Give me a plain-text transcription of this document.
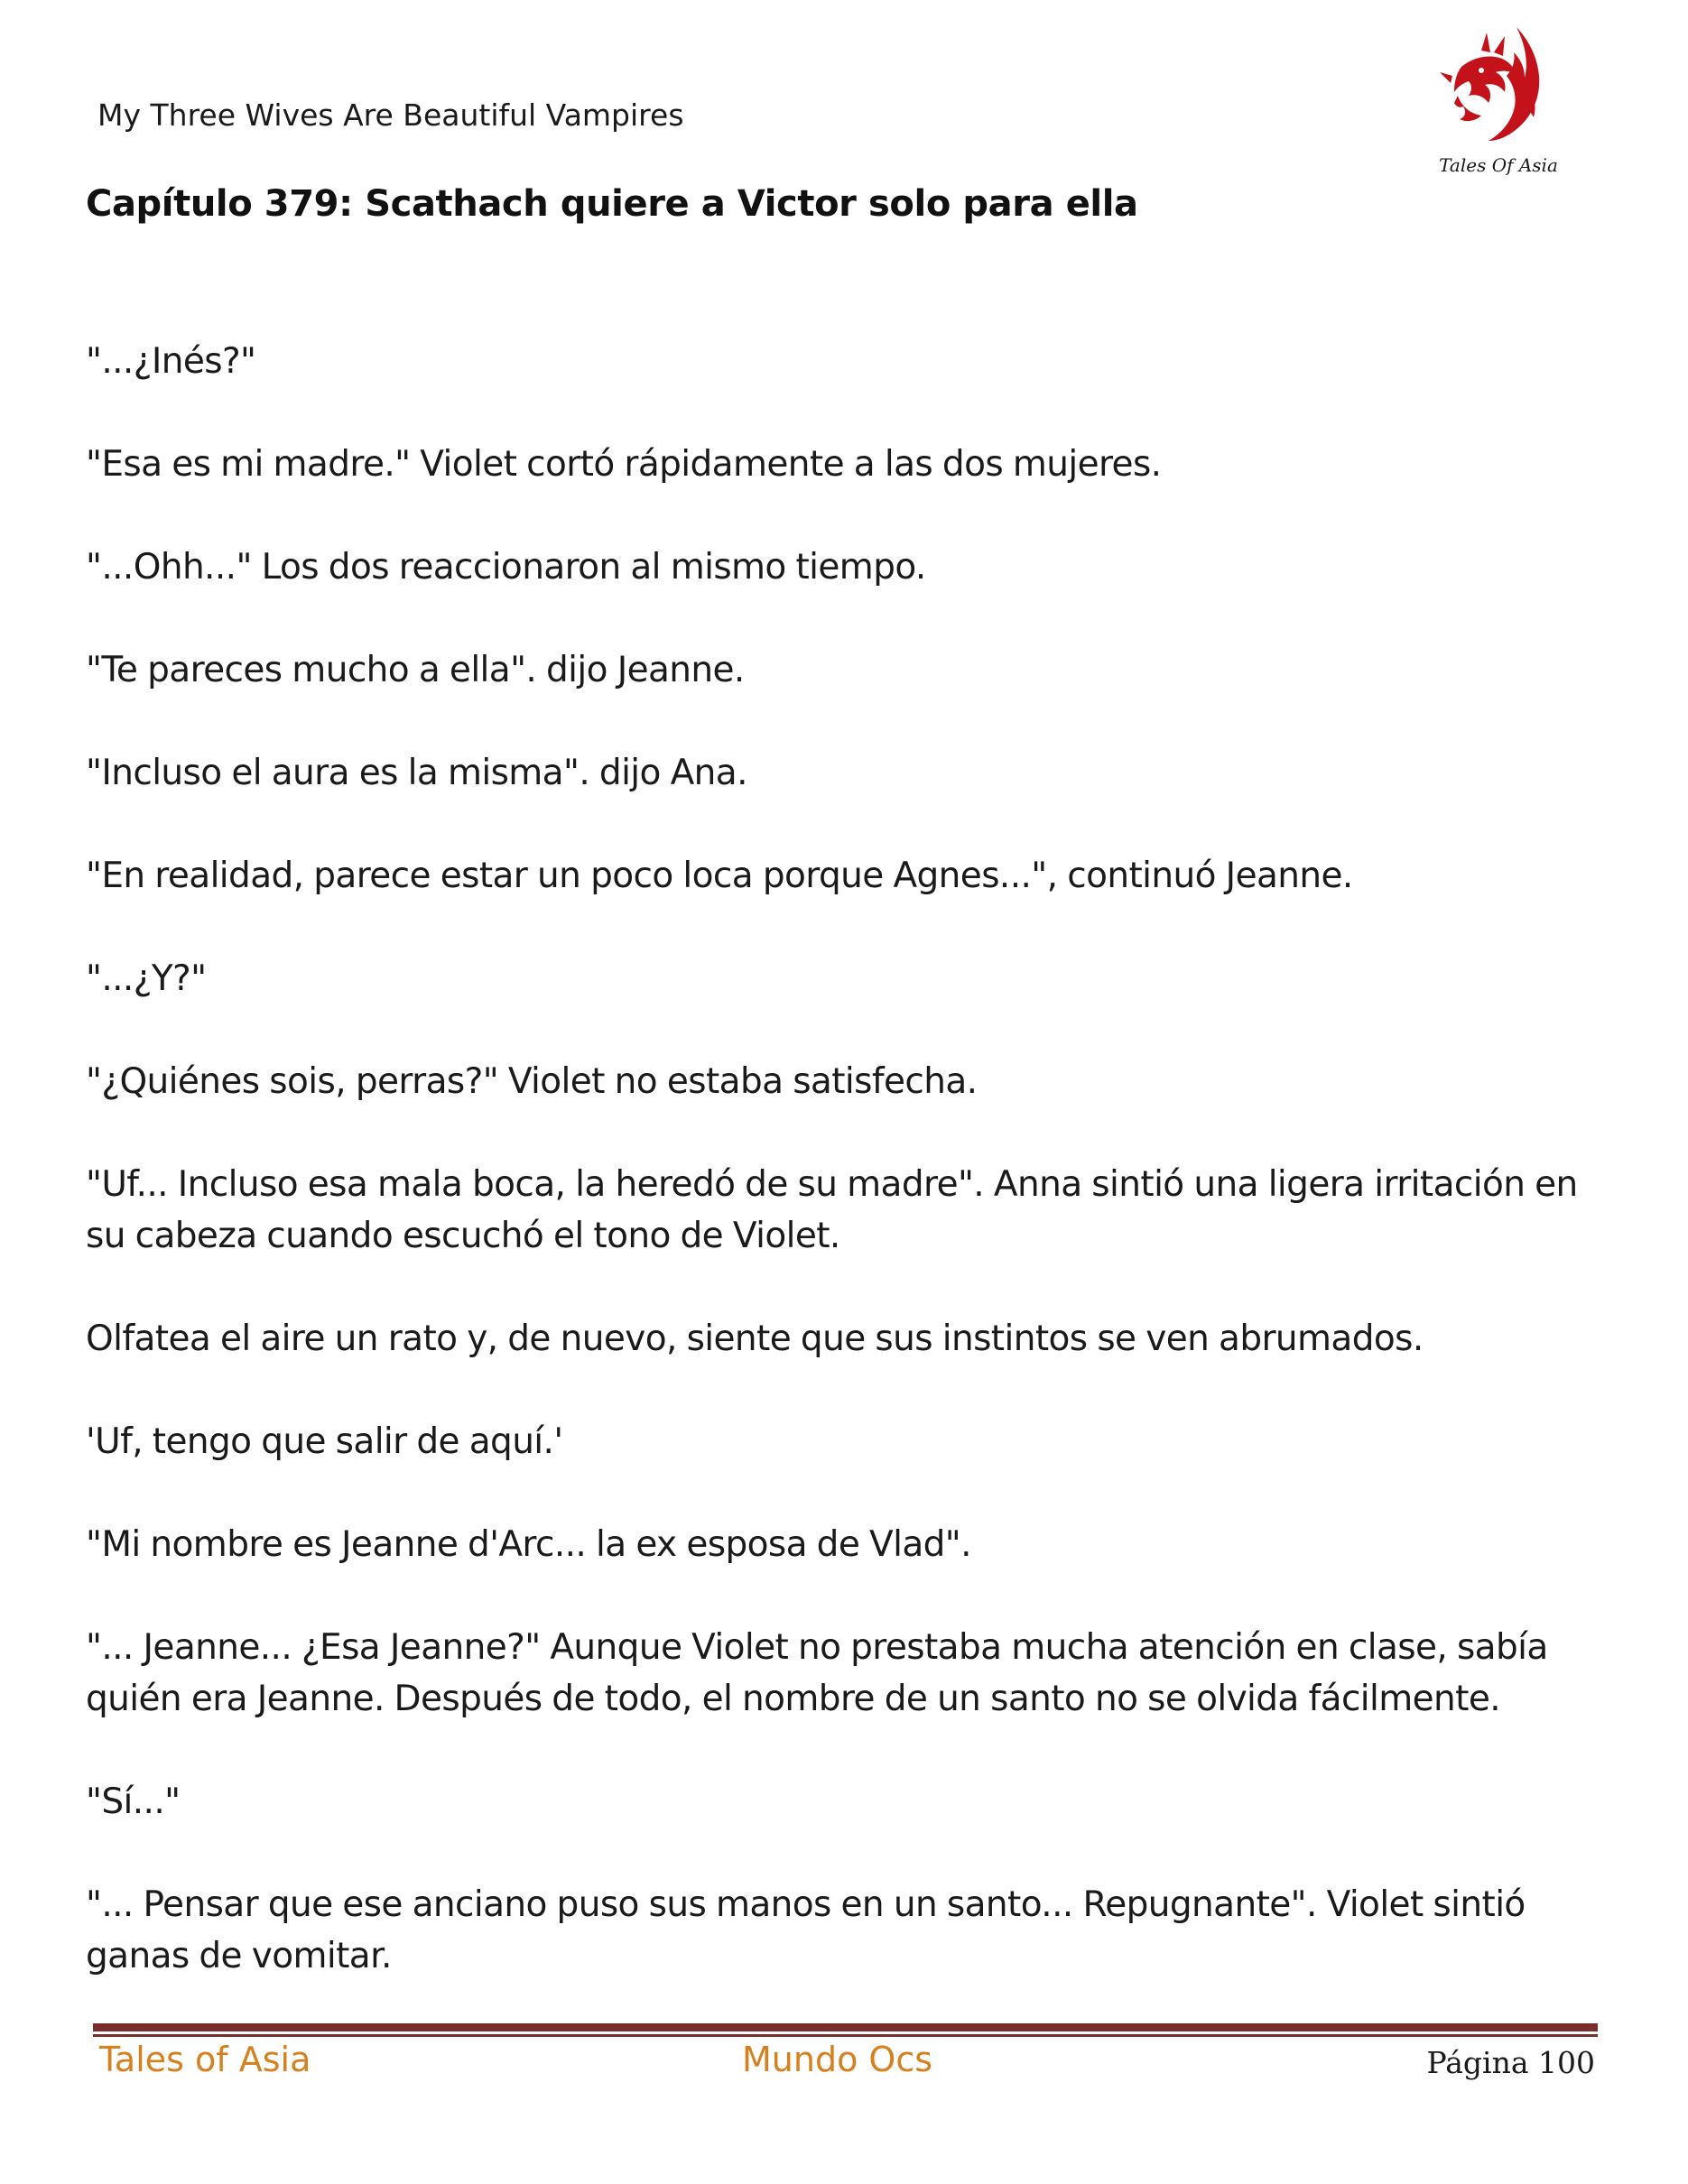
My Three Wives Are Beautiful Vampires
Tales Of Asia
Capítulo 379: Scathach quiere a Victor solo para ella

"...¿Inés?"

"Esa es mi madre." Violet cortó rápidamente a las dos mujeres.

"...Ohh..." Los dos reaccionaron al mismo tiempo.

"Te pareces mucho a ella". dijo Jeanne.

"Incluso el aura es la misma". dijo Ana.

"En realidad, parece estar un poco loca porque Agnes...", continuó Jeanne.

"...¿Y?"

"¿Quiénes sois, perras?" Violet no estaba satisfecha.

"Uf... Incluso esa mala boca, la heredó de su madre". Anna sintió una ligera irritación en su cabeza cuando escuchó el tono de Violet.

Olfatea el aire un rato y, de nuevo, siente que sus instintos se ven abrumados.

'Uf, tengo que salir de aquí.'

"Mi nombre es Jeanne d'Arc... la ex esposa de Vlad".

"... Jeanne... ¿Esa Jeanne?" Aunque Violet no prestaba mucha atención en clase, sabía quién era Jeanne. Después de todo, el nombre de un santo no se olvida fácilmente.

"Sí..."

"... Pensar que ese anciano puso sus manos en un santo... Repugnante". Violet sintió ganas de vomitar.

Tales of Asia	Mundo Ocs	Página 100
